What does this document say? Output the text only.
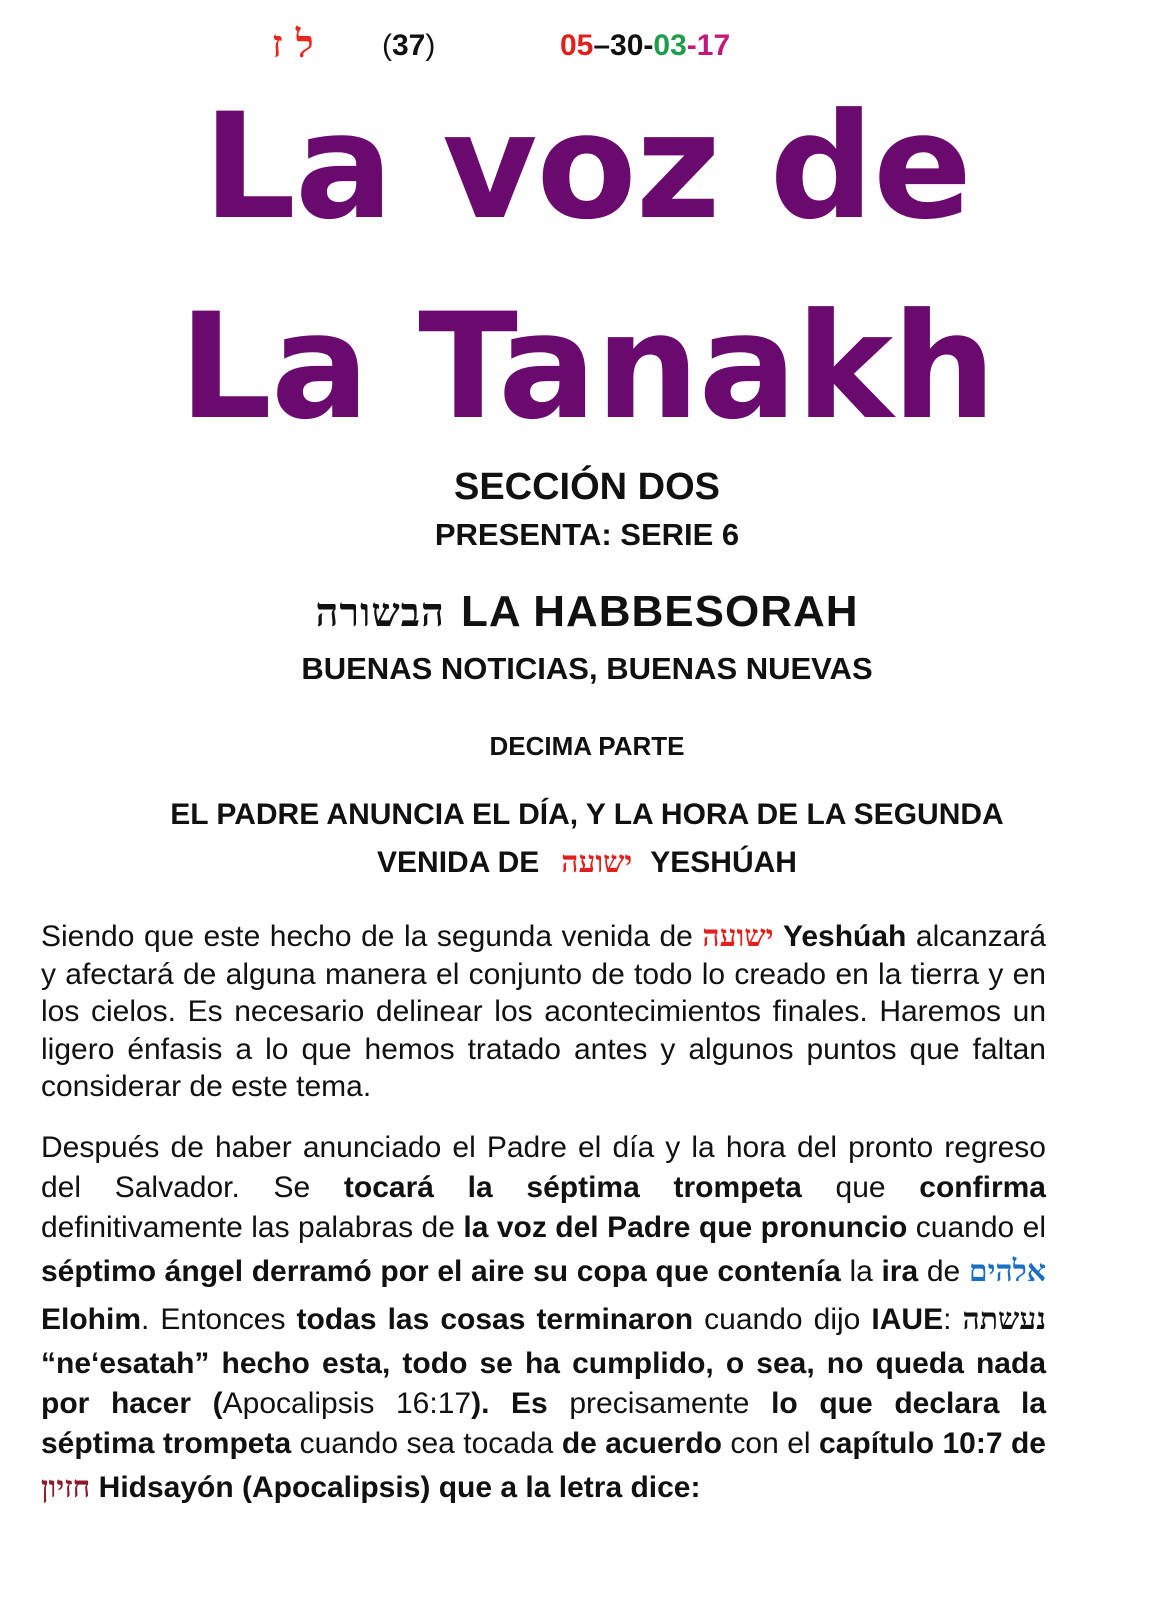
ל ז (37)	05–30-03-17
La voz de
La Tanakh
SECCIÓN DOS
PRESENTA: SERIE 6
הבשורה LA HABBESORAH
BUENAS NOTICIAS, BUENAS NUEVAS
DECIMA PARTE
EL PADRE ANUNCIA EL DÍA, Y LA HORA DE LA SEGUNDA
VENIDA DE ישועה YESHÚAH
Siendo que este hecho de la segunda venida de ישועה Yeshúah alcanzará y afectará de alguna manera el conjunto de todo lo creado en la tierra y en los cielos. Es necesario delinear los acontecimientos finales. Haremos un ligero énfasis a lo que hemos tratado antes y algunos puntos que faltan considerar de este tema.
Después de haber anunciado el Padre el día y la hora del pronto regreso del Salvador. Se tocará la séptima trompeta que confirma definitivamente las palabras de la voz del Padre que pronuncio cuando el séptimo ángel derramó por el aire su copa que contenía la ira de אלהים Elohim. Entonces todas las cosas terminaron cuando dijo IAUE: נעשתה “neʻesatah” hecho esta, todo se ha cumplido, o sea, no queda nada por hacer (Apocalipsis 16:17). Es precisamente lo que declara la séptima trompeta cuando sea tocada de acuerdo con el capítulo 10:7 de חזיון Hidsayón (Apocalipsis) que a la letra dice:
